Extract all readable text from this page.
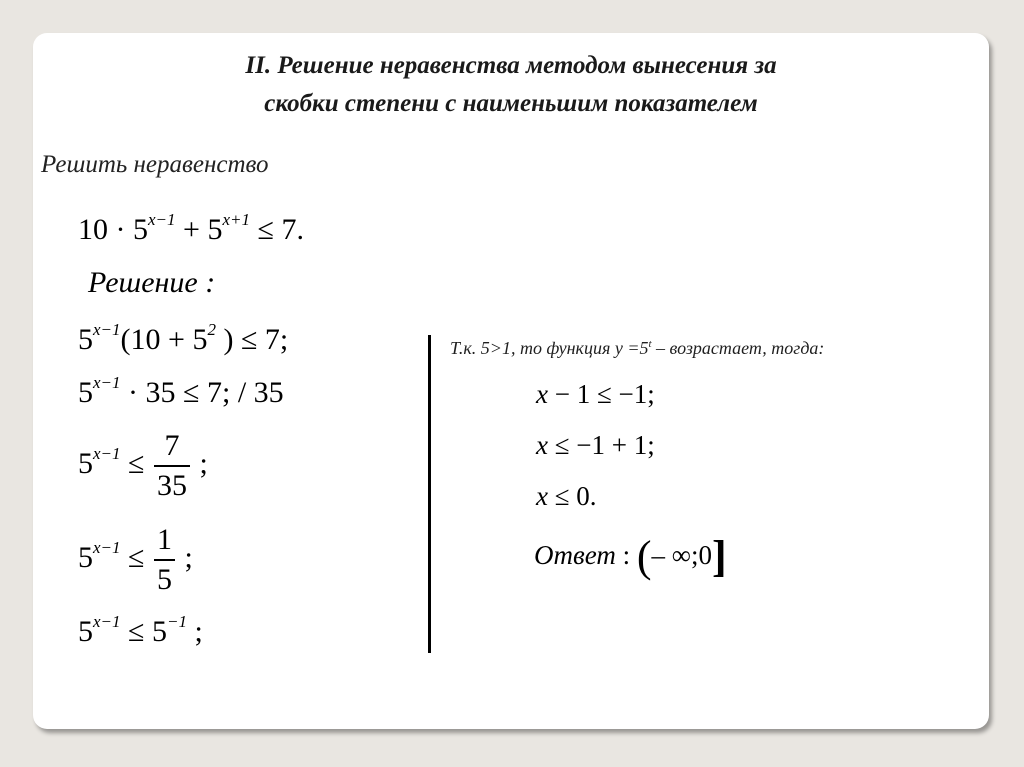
II. Решение неравенства методом вынесения за
скобки степени с наименьшим показателем
Решить неравенство
$10 \cdot 5^{x-1} + 5^{x+1} \le 7$.
Решение :
$5^{x-1}(10 + 5^2$ ) ≤ 7;
$5^{x-1} \cdot 35 \le 7$; / 35
$5^{x-1} \le \frac{7}{35}$ ;
$5^{x-1} \le \frac{1}{5}$ ;
$5^{x-1} \le 5^{-1}$ ;
Т.к. 5>1, то функция $у =5^t$ – возрастает, тогда:
x − 1 ≤ −1;
x ≤ −1 + 1;
x ≤ 0.
Ответ : (– ∞;0]
